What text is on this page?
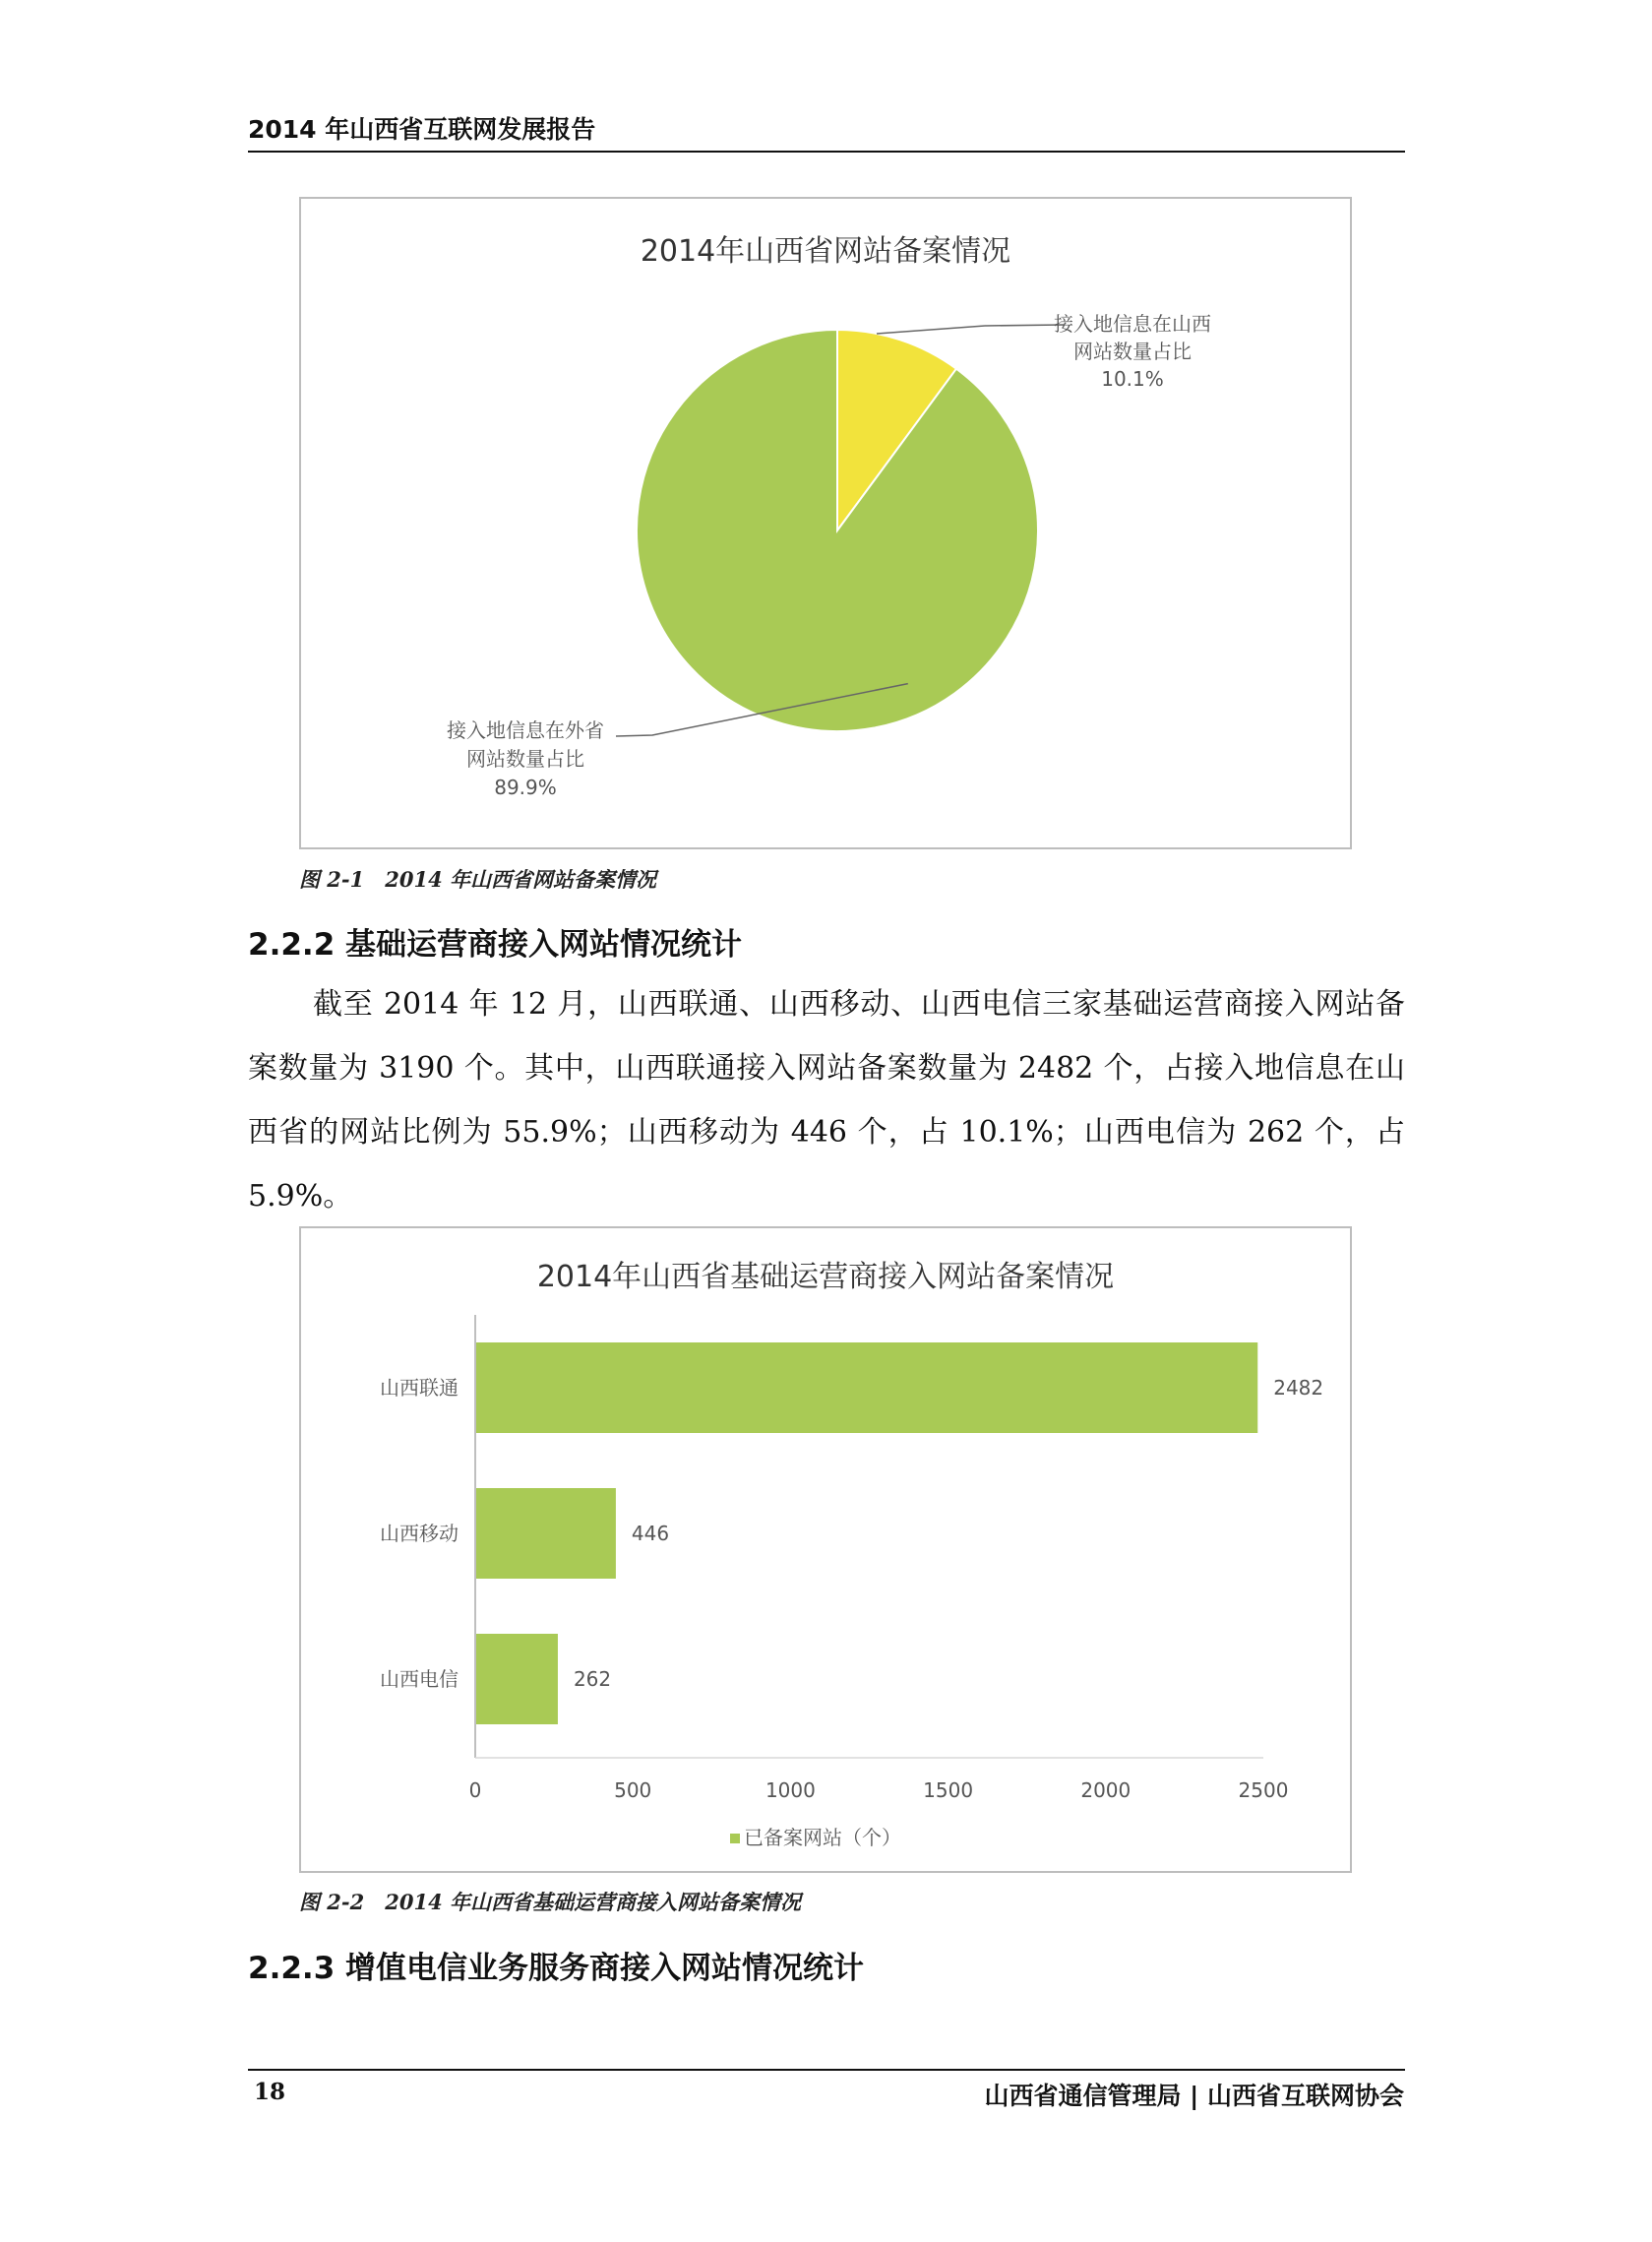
2014 年山西省互联网发展报告
2014年山西省网站备案情况
接入地信息在山西
网站数量占比
10.1%
接入地信息在外省
网站数量占比
89.9%
图 2-1　2014 年山西省网站备案情况
2.2.2 基础运营商接入网站情况统计
截至 2014 年 12 月，山西联通、山西移动、山西电信三家基础运营商接入网站备案数量为 3190 个。其中，山西联通接入网站备案数量为 2482 个，占接入地信息在山西省的网站比例为 55.9%；山西移动为 446 个，占 10.1%；山西电信为 262 个，占 5.9%。
2014年山西省基础运营商接入网站备案情况
山西联通	2482
山西移动	446
山西电信	262
0	500	1000	1500	2000	2500
已备案网站（个）
图 2-2　2014 年山西省基础运营商接入网站备案情况
2.2.3 增值电信业务服务商接入网站情况统计
18	山西省通信管理局 | 山西省互联网协会
